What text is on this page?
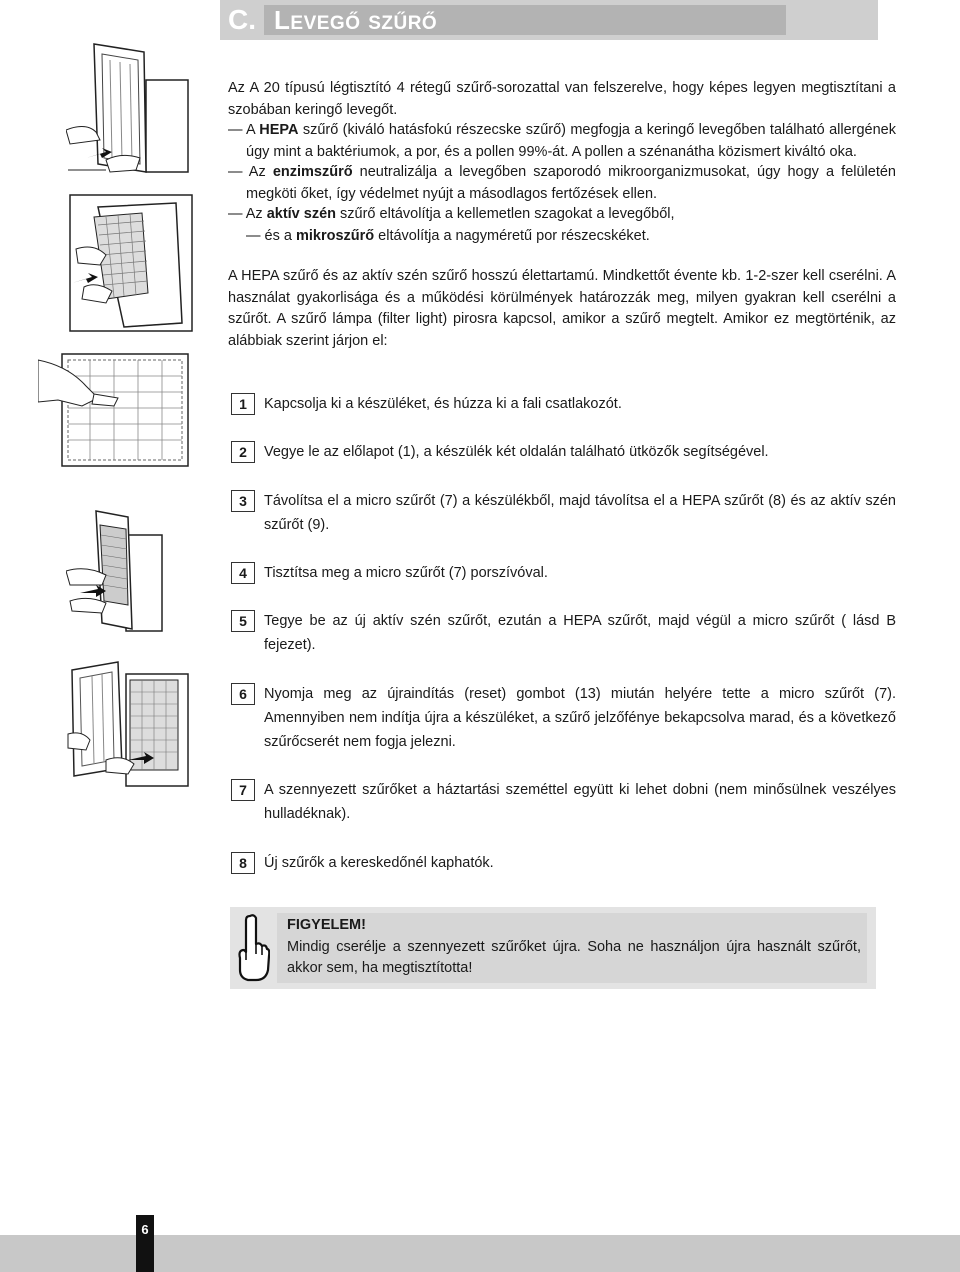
C. LEVEGŐ SZŰRŐ
Az A 20 típusú légtisztító 4 rétegű szűrő-sorozattal van felszerelve, hogy képes legyen megtisztítani a szobában keringő levegőt.
— A HEPA szűrő (kiváló hatásfokú részecske szűrő) megfogja a keringő levegőben található allergének úgy mint a baktériumok, a por, és a pollen 99%-át. A pollen a szénanátha közismert kiváltó oka.
— Az enzimszűrő neutralizálja a levegőben szaporodó mikroorganizmusokat, úgy hogy a felületén megköti őket, így védelmet nyújt a másodlagos fertőzések ellen.
— Az aktív szén szűrő eltávolítja a kellemetlen szagokat a levegőből,
— és a mikroszűrő eltávolítja a nagyméretű por részecskéket.
A HEPA szűrő és az aktív szén szűrő hosszú élettartamú. Mindkettőt évente kb. 1-2-szer kell cserélni. A használat gyakorlisága és a működési körülmények határozzák meg, milyen gyakran kell cserélni a szűrőt. A szűrő lámpa (filter light) pirosra kapcsol, amikor a szűrő megtelt. Amikor ez megtörténik, az alábbiak szerint járjon el:
1	Kapcsolja ki a készüléket, és húzza ki a fali csatlakozót.
2	Vegye le az előlapot (1), a készülék két oldalán található ütközők segítségével.
3	Távolítsa el a micro szűrőt (7) a készülékből, majd távolítsa el a HEPA szűrőt (8) és az aktív szén szűrőt (9).
4	Tisztítsa meg a micro szűrőt (7) porszívóval.
5	Tegye be az új aktív szén szűrőt, ezután a HEPA szűrőt, majd végül a micro szűrőt ( lásd B fejezet).
6	Nyomja meg az újraindítás (reset) gombot (13) miután helyére tette a micro szűrőt (7). Amennyiben nem indítja újra a készüléket, a szűrő jelzőfénye bekapcsolva marad, és a következő szűrőcserét nem fogja jelezni.
7	A szennyezett szűrőket a háztartási szeméttel együtt ki lehet dobni (nem minősülnek veszélyes hulladéknak).
8	Új szűrők a kereskedőnél kaphatók.
FIGYELEM!
Mindig cserélje a szennyezett szűrőket újra. Soha ne használjon újra használt szűrőt, akkor sem, ha megtisztította!
6
